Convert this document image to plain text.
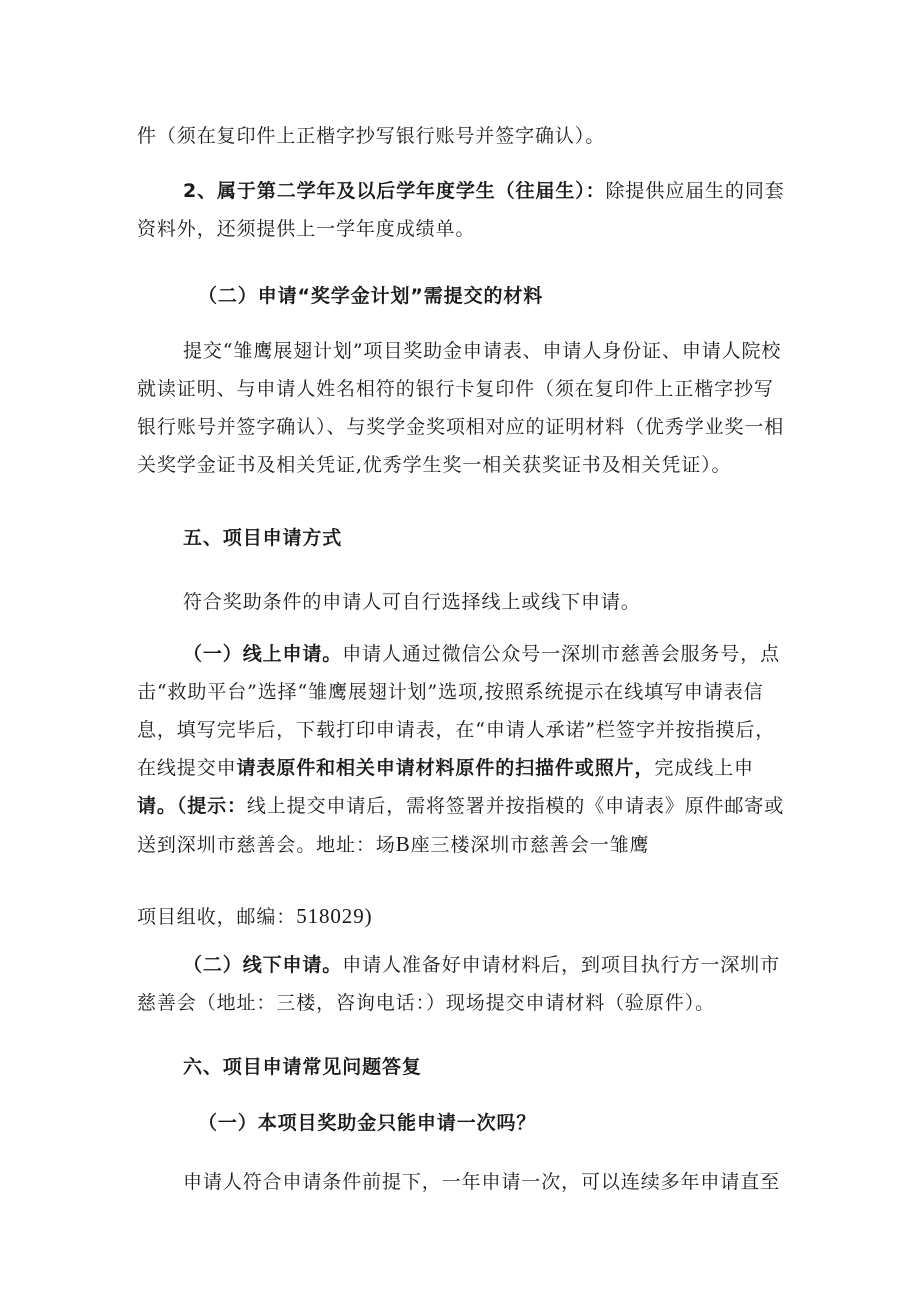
件（须在复印件上正楷字抄写银行账号并签字确认）。
2、属于第二学年及以后学年度学生（往届生）：除提供应届生的同套资料外，还须提供上一学年度成绩单。
（二）申请“奖学金计划”需提交的材料
提交“雏鹰展翅计划”项目奖助金申请表、申请人身份证、申请人院校就读证明、与申请人姓名相符的银行卡复印件（须在复印件上正楷字抄写银行账号并签字确认）、与奖学金奖项相对应的证明材料（优秀学业奖一相关奖学金证书及相关凭证,优秀学生奖一相关获奖证书及相关凭证）。
五、项目申请方式
符合奖助条件的申请人可自行选择线上或线下申请。
（一）线上申请。申请人通过微信公众号一深圳市慈善会服务号，点击“救助平台”选择“雏鹰展翅计划”选项,按照系统提示在线填写申请表信息，填写完毕后，下载打印申请表，在“申请人承诺”栏签字并按指摸后，在线提交申请表原件和相关申请材料原件的扫描件或照片，完成线上申请。（提示：线上提交申请后，需将签署并按指模的《申请表》原件邮寄或送到深圳市慈善会。地址：场B座三楼深圳市慈善会一雏鹰
项目组收，邮编：518029)
（二）线下申请。申请人准备好申请材料后，到项目执行方一深圳市慈善会（地址：三楼，咨询电话：）现场提交申请材料（验原件）。
六、项目申请常见问题答复
（一）本项目奖助金只能申请一次吗？
申请人符合申请条件前提下，一年申请一次，可以连续多年申请直至
